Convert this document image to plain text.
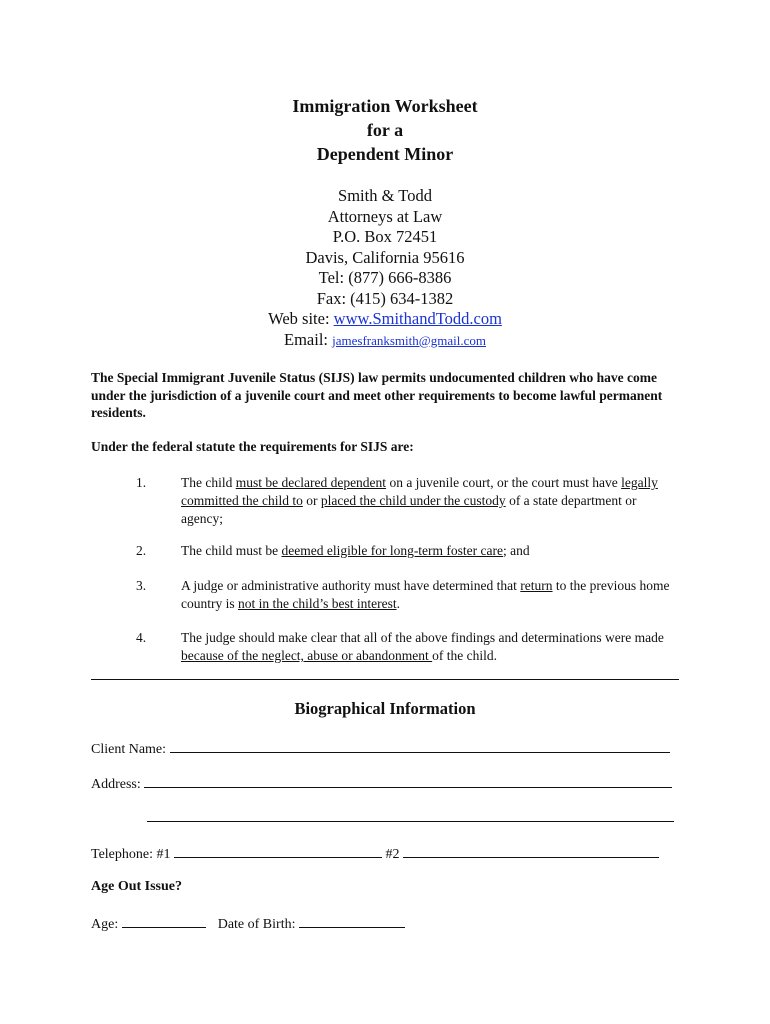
Immigration Worksheet
for a
Dependent Minor
Smith & Todd
Attorneys at Law
P.O. Box 72451
Davis, California 95616
Tel: (877) 666-8386
Fax: (415) 634-1382
Web site: www.SmithandTodd.com
Email: jamesfranksmith@gmail.com
The Special Immigrant Juvenile Status (SIJS) law permits undocumented children who have come under the jurisdiction of a juvenile court and meet other requirements to become lawful permanent residents.
Under the federal statute the requirements for SIJS are:
1.	The child must be declared dependent on a juvenile court, or the court must have legally committed the child to or placed the child under the custody of a state department or agency;
2.	The child must be deemed eligible for long-term foster care; and
3.	A judge or administrative authority must have determined that return to the previous home country is not in the child’s best interest.
4.	The judge should make clear that all of the above findings and determinations were made because of the neglect, abuse or abandonment of the child.
Biographical Information
Client Name:
Address:
Telephone: #1	#2
Age Out Issue?
Age:	Date of Birth:
